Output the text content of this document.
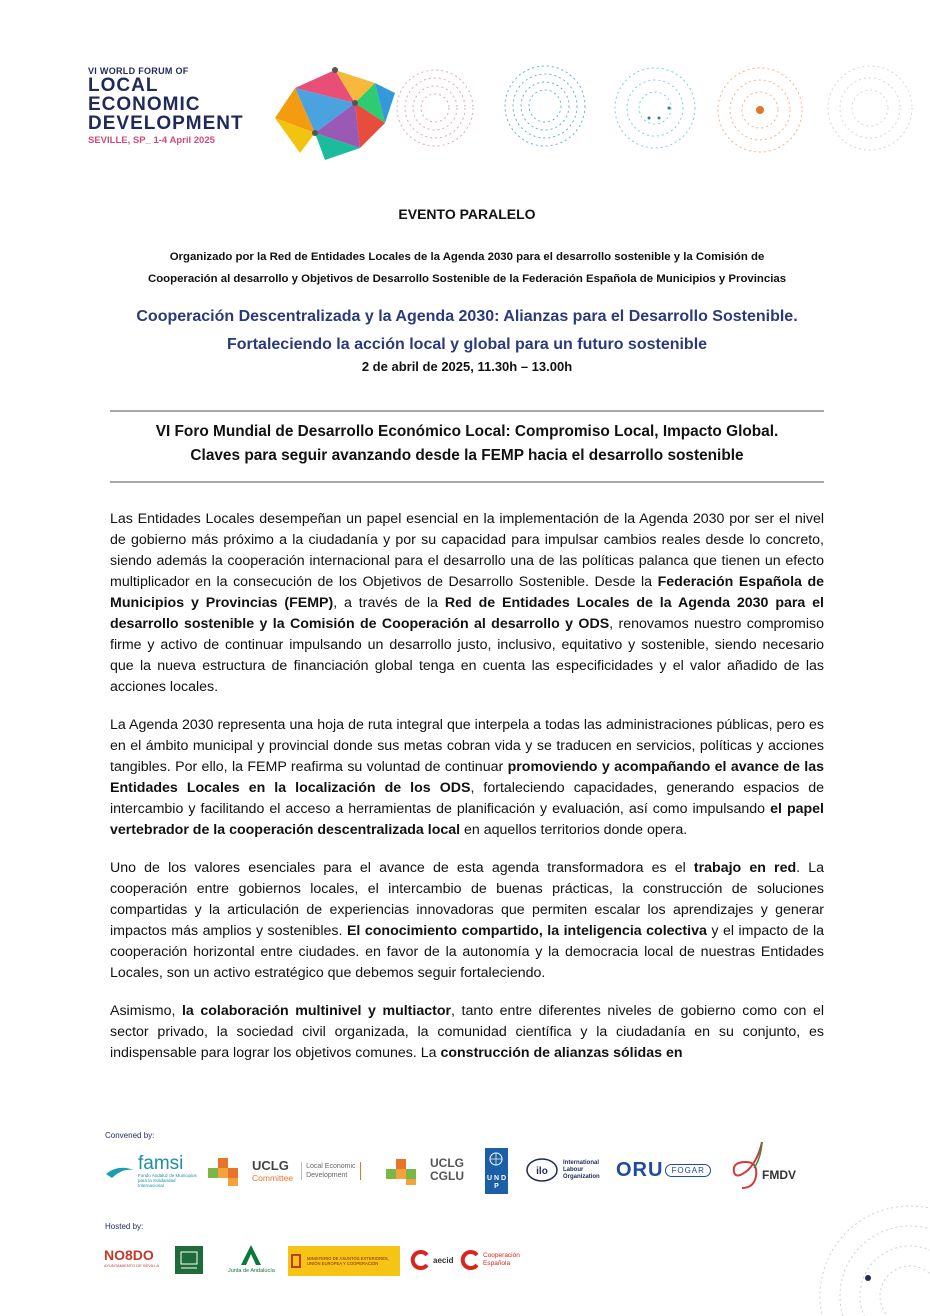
VI WORLD FORUM OF
LOCAL
ECONOMIC
DEVELOPMENT
SEVILLE, SP_ 1-4 April 2025
EVENTO PARALELO
Organizado por la Red de Entidades Locales de la Agenda 2030 para el desarrollo sostenible y la Comisión de
Cooperación al desarrollo y Objetivos de Desarrollo Sostenible de la Federación Española de Municipios y Provincias
Cooperación Descentralizada y la Agenda 2030: Alianzas para el Desarrollo Sostenible.
Fortaleciendo la acción local y global para un futuro sostenible
2 de abril de 2025, 11.30h – 13.00h
VI Foro Mundial de Desarrollo Económico Local: Compromiso Local, Impacto Global.
Claves para seguir avanzando desde la FEMP hacia el desarrollo sostenible

Las Entidades Locales desempeñan un papel esencial en la implementación de la Agenda 2030 por ser el nivel de gobierno más próximo a la ciudadanía y por su capacidad para impulsar cambios reales desde lo concreto, siendo además la cooperación internacional para el desarrollo una de las políticas palanca que tienen un efecto multiplicador en la consecución de los Objetivos de Desarrollo Sostenible. Desde la Federación Española de Municipios y Provincias (FEMP), a través de la Red de Entidades Locales de la Agenda 2030 para el desarrollo sostenible y la Comisión de Cooperación al desarrollo y ODS, renovamos nuestro compromiso firme y activo de continuar impulsando un desarrollo justo, inclusivo, equitativo y sostenible, siendo necesario que la nueva estructura de financiación global tenga en cuenta las especificidades y el valor añadido de las acciones locales.

La Agenda 2030 representa una hoja de ruta integral que interpela a todas las administraciones públicas, pero es en el ámbito municipal y provincial donde sus metas cobran vida y se traducen en servicios, políticas y acciones tangibles. Por ello, la FEMP reafirma su voluntad de continuar promoviendo y acompañando el avance de las Entidades Locales en la localización de los ODS, fortaleciendo capacidades, generando espacios de intercambio y facilitando el acceso a herramientas de planificación y evaluación, así como impulsando el papel vertebrador de la cooperación descentralizada local en aquellos territorios donde opera.

Uno de los valores esenciales para el avance de esta agenda transformadora es el trabajo en red. La cooperación entre gobiernos locales, el intercambio de buenas prácticas, la construcción de soluciones compartidas y la articulación de experiencias innovadoras que permiten escalar los aprendizajes y generar impactos más amplios y sostenibles. El conocimiento compartido, la inteligencia colectiva y el impacto de la cooperación horizontal entre ciudades. en favor de la autonomía y la democracia local de nuestras Entidades Locales, son un activo estratégico que debemos seguir fortaleciendo.

Asimismo, la colaboración multinivel y multiactor, tanto entre diferentes niveles de gobierno como con el sector privado, la sociedad civil organizada, la comunidad científica y la ciudadanía en su conjunto, es indispensable para lograr los objetivos comunes. La construcción de alianzas sólidas en

Convened by:
famsi
Fondo Andaluz de Municipios para la Solidaridad Internacional
UCLG
Committee
Local Economic
Development
UCLG
CGLU	U N D P
ilo
International
Labour
Organization ORU	FOGAR	FMDV
Hosted by:
NO8DO
AYUNTAMIENTO DE SEVILLA
Junta de Andalucía
MINISTERIO DE ASUNTOS EXTERIORES, UNIÓN EUROPEA Y COOPERACIÓN	aecid	Cooperación
Española
